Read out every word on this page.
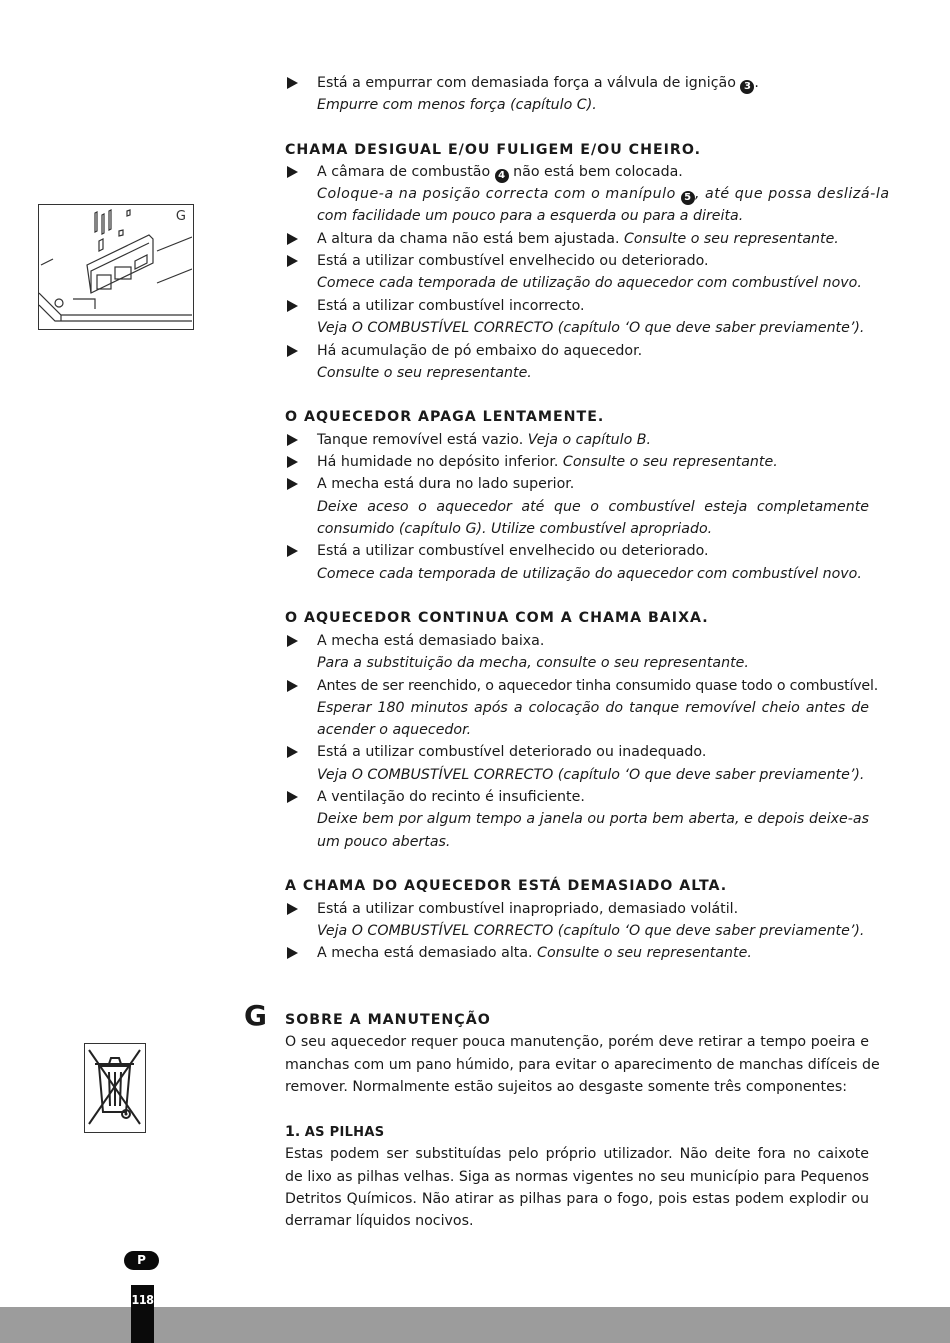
Está a empurrar com demasiada força a válvula de ignição 3 .
Empurre com menos força (capítulo C).
CHAMA DESIGUAL E/OU FULIGEM E/OU CHEIRO.
A câmara de combustão 4 não está bem colocada.
Coloque-a na posição correcta com o manípulo 5 , até que possa deslizá-la
com facilidade um pouco para a esquerda ou para a direita.
A altura da chama não está bem ajustada. Consulte o seu representante.
Está a utilizar combustível envelhecido ou deteriorado.
Comece cada temporada de utilização do aquecedor com combustível novo.
Está a utilizar combustível incorrecto.
Veja O COMBUSTÍVEL CORRECTO (capítulo ‘O que deve saber previamente’).
Há acumulação de pó embaixo do aquecedor.
Consulte o seu representante.
O AQUECEDOR APAGA LENTAMENTE.
Tanque removível está vazio. Veja o capítulo B.
Há humidade no depósito inferior. Consulte o seu representante.
A mecha está dura no lado superior.
Deixe aceso o aquecedor até que o combustível esteja completamente
consumido (capítulo G). Utilize combustível apropriado.
Está a utilizar combustível envelhecido ou deteriorado.
Comece cada temporada de utilização do aquecedor com combustível novo.
O AQUECEDOR CONTINUA COM A CHAMA BAIXA.
A mecha está demasiado baixa.
Para a substituição da mecha, consulte o seu representante.
Antes de ser reenchido, o aquecedor tinha consumido quase todo o combustível.
Esperar 180 minutos após a colocação do tanque removível cheio antes de
acender o aquecedor.
Está a utilizar combustível deteriorado ou inadequado.
Veja O COMBUSTÍVEL CORRECTO (capítulo ‘O que deve saber previamente’).
A ventilação do recinto é insuficiente.
Deixe bem por algum tempo a janela ou porta bem aberta, e depois deixe-as
um pouco abertas.
A CHAMA DO AQUECEDOR ESTÁ DEMASIADO ALTA.
Está a utilizar combustível inapropriado, demasiado volátil.
Veja O COMBUSTÍVEL CORRECTO (capítulo ‘O que deve saber previamente’).
A mecha está demasiado alta. Consulte o seu representante.
G SOBRE A MANUTENÇÃO
O seu aquecedor requer pouca manutenção, porém deve retirar a tempo poeira e
manchas com um pano húmido, para evitar o aparecimento de manchas difíceis de
remover. Normalmente estão sujeitos ao desgaste somente três componentes:
1. AS PILHAS
Estas podem ser substituídas pelo próprio utilizador. Não deite fora no caixote
de lixo as pilhas velhas. Siga as normas vigentes no seu município para Pequenos
Detritos Químicos. Não atirar as pilhas para o fogo, pois estas podem explodir ou
derramar líquidos nocivos.
G
P
118
